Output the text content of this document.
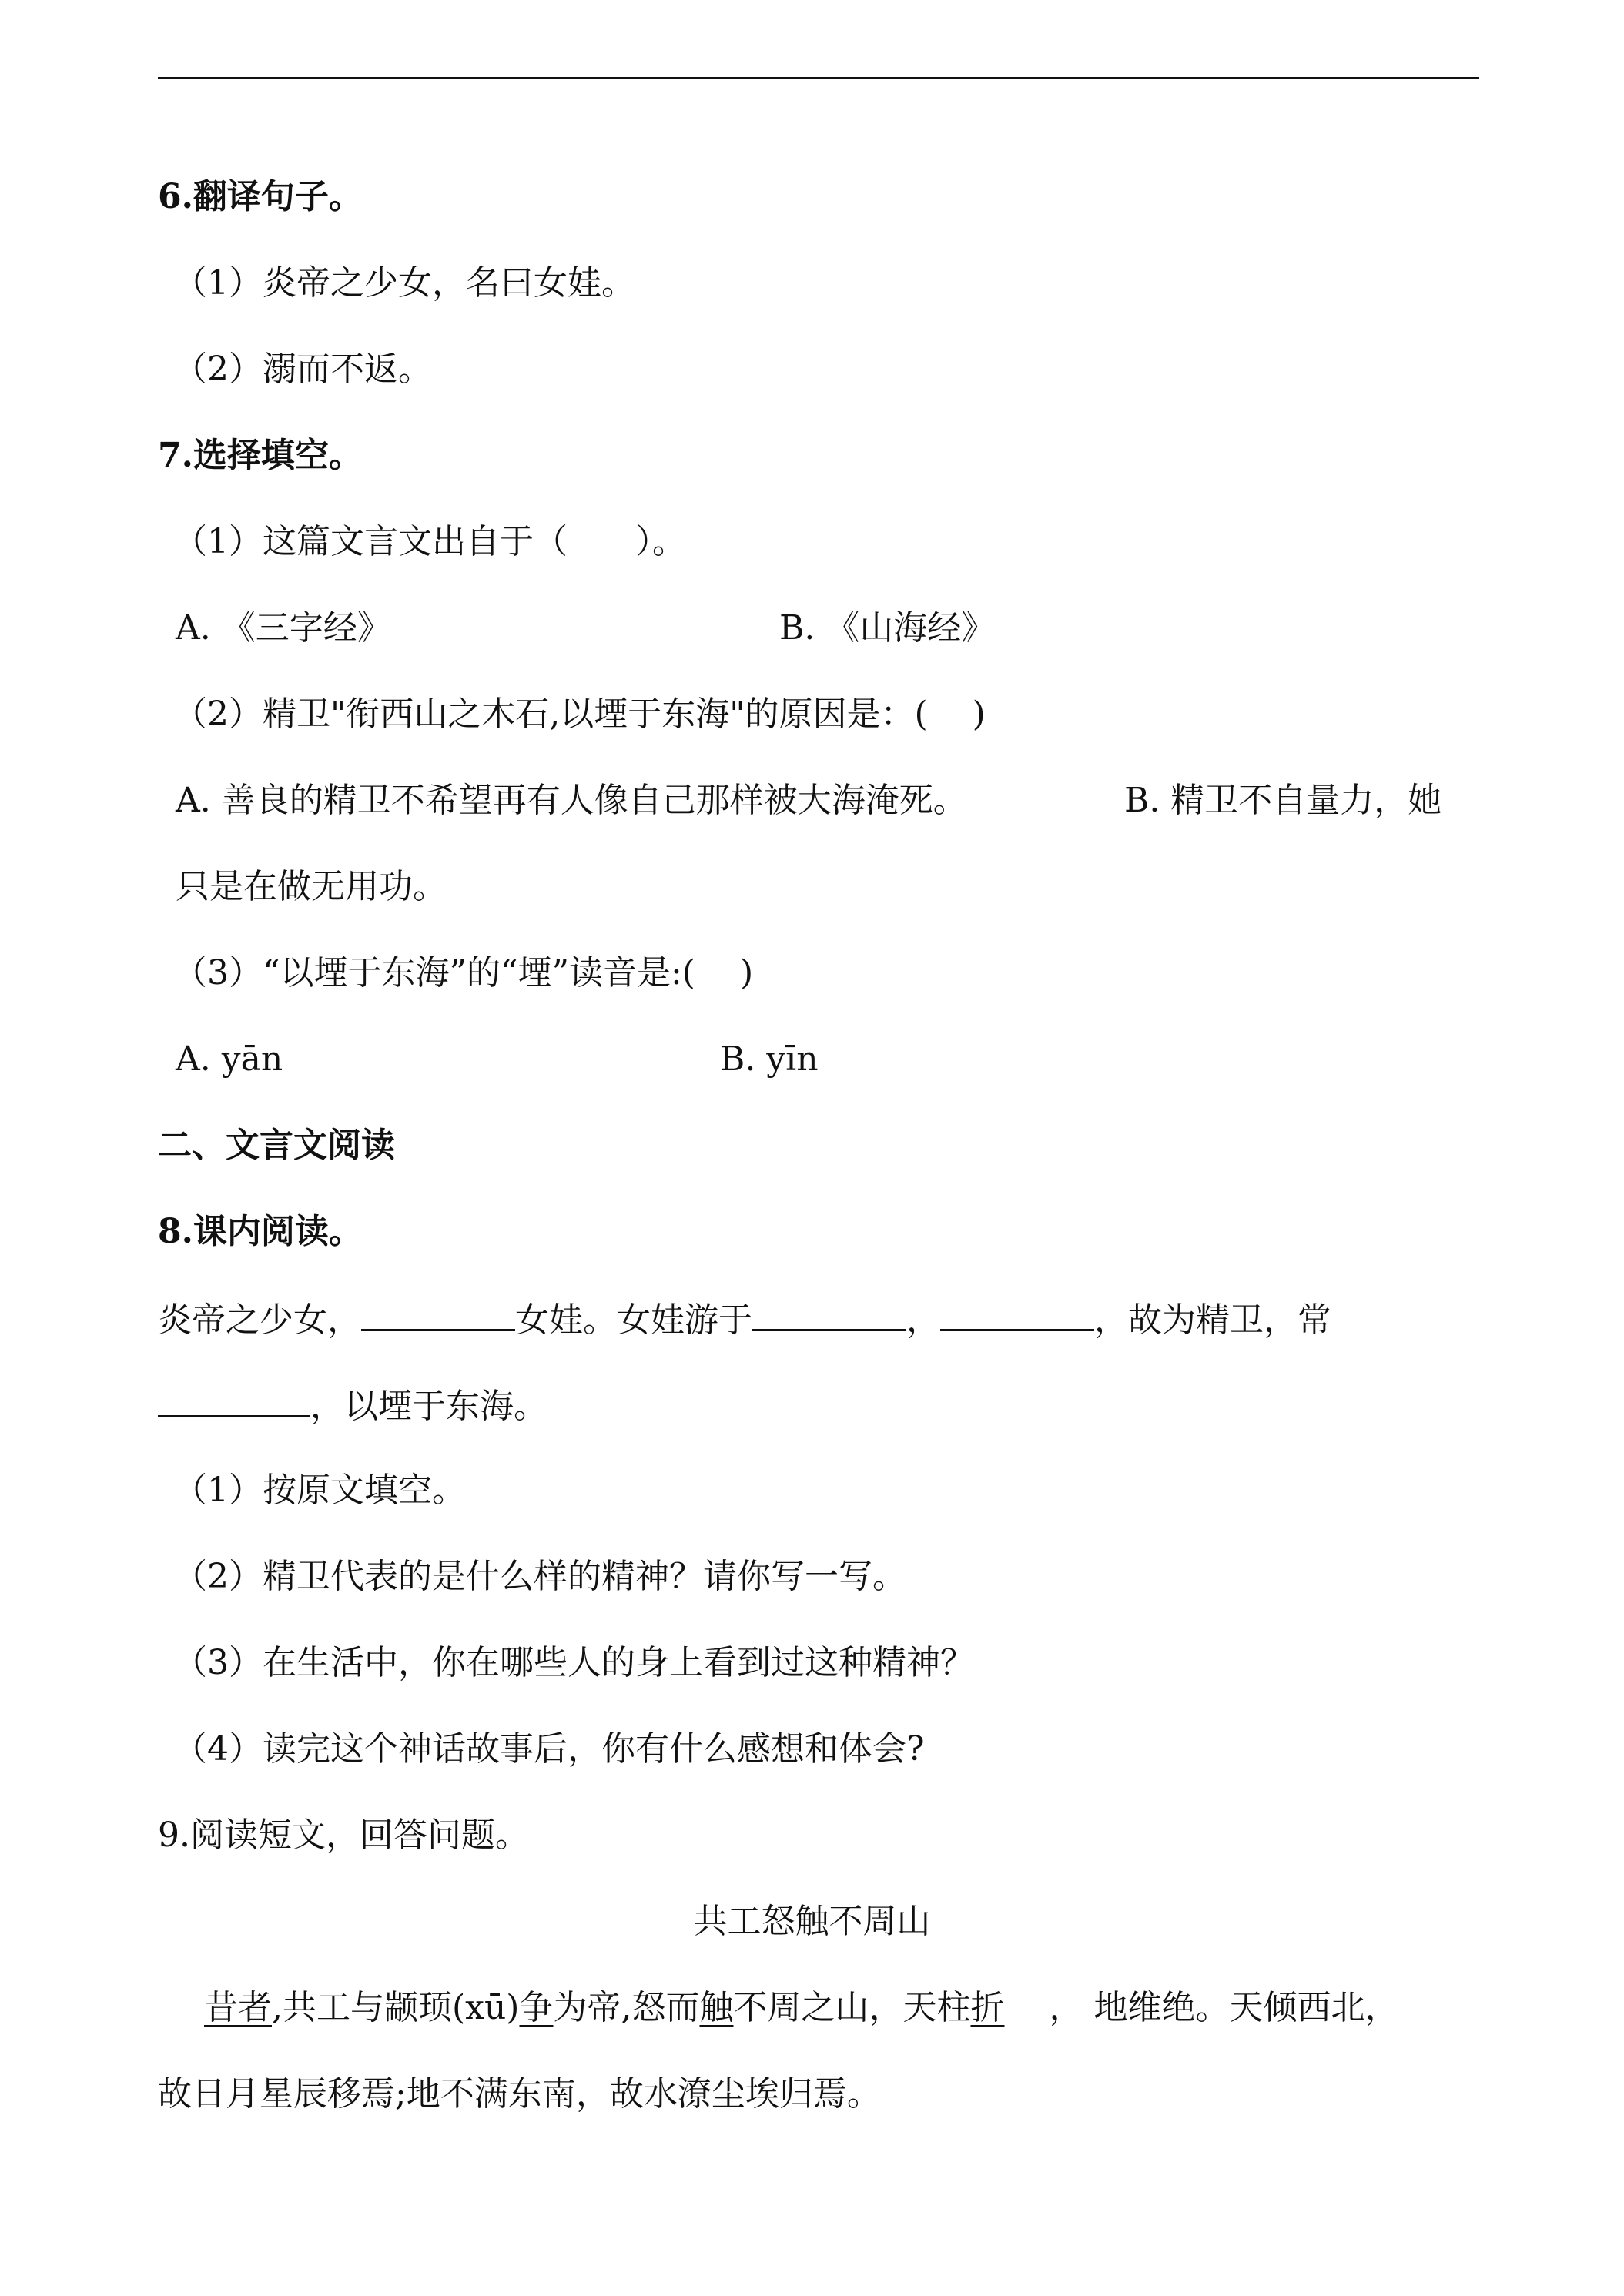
6.翻译句子。
（1）炎帝之少女，名曰女娃。
（2）溺而不返。
7.选择填空。
（1）这篇文言文出自于（　　）。
A. 《三字经》	B. 《山海经》
（2）精卫"衔西山之木石,以堙于东海"的原因是：(　 )
A. 善良的精卫不希望再有人像自己那样被大海淹死。	B. 精卫不自量力，她
只是在做无用功。
（3）“以堙于东海”的“堙”读音是:(　 )
A. yān	B. yīn
二、文言文阅读
8.课内阅读。
炎帝之少女，	女娃。女娃游于	，	，故为精卫，常
，以堙于东海。
（1）按原文填空。
（2）精卫代表的是什么样的精神？请你写一写。
（3）在生活中，你在哪些人的身上看到过这种精神？
（4）读完这个神话故事后，你有什么感想和体会?
9.阅读短文，回答问题。
共工怒触不周山
昔者,共工与颛顼(xū)争为帝,怒而触不周之山，天柱折　 ， 地维绝。天倾西北，
故日月星辰移焉;地不满东南，故水潦尘埃归焉。
